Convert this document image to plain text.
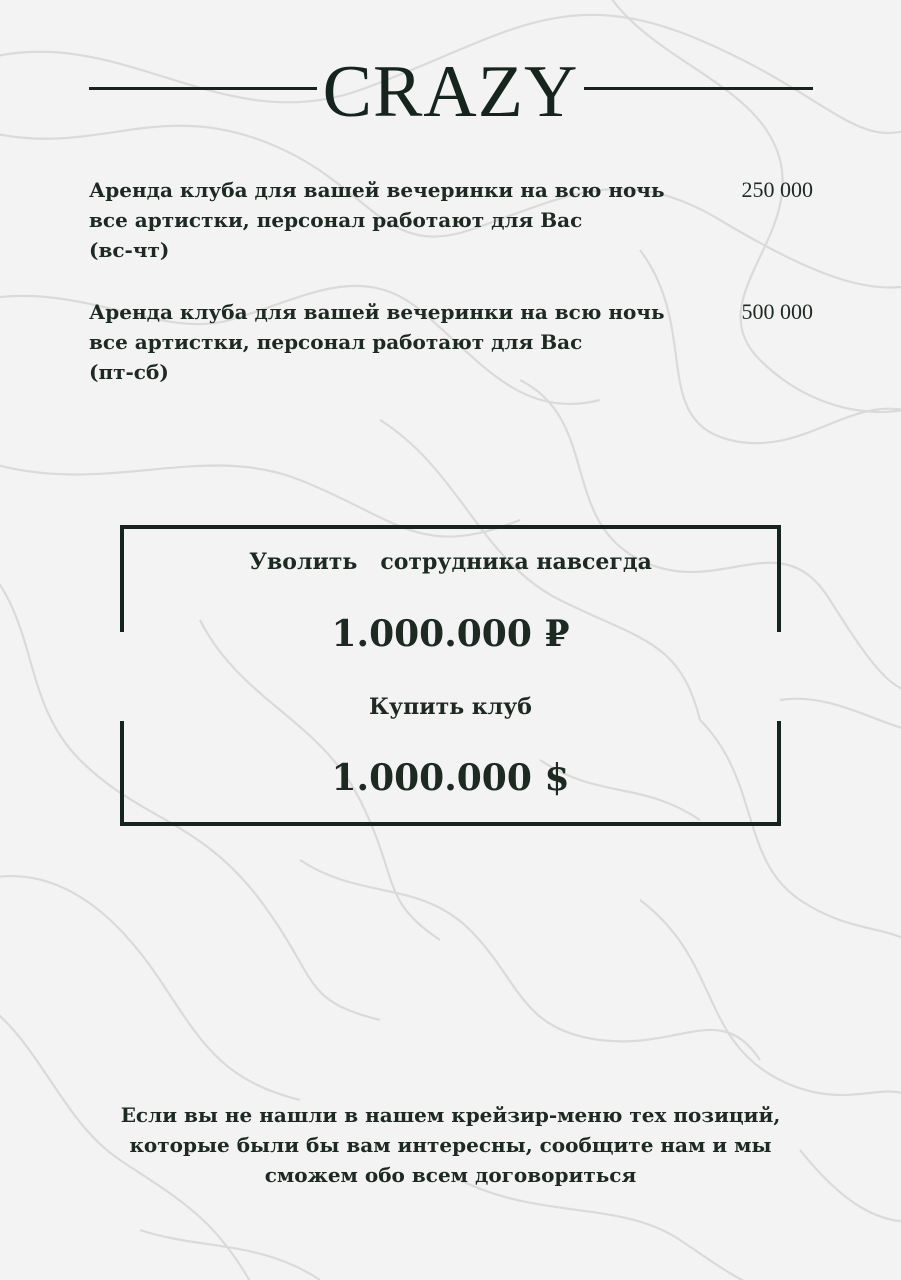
CRAZY
Аренда клуба для вашей вечеринки на всю ночь
все артистки, персонал работают для Вас
(вс-чт)
250 000
Аренда клуба для вашей вечеринки на всю ночь
все артистки, персонал работают для Вас
(пт-сб)
500 000
Уволить   сотрудника навсегда
1.000.000 ₽
Купить клуб
1.000.000 $
Если вы не нашли в нашем крейзир-меню тех позиций,
которые были бы вам интересны, сообщите нам и мы
сможем обо всем договориться
